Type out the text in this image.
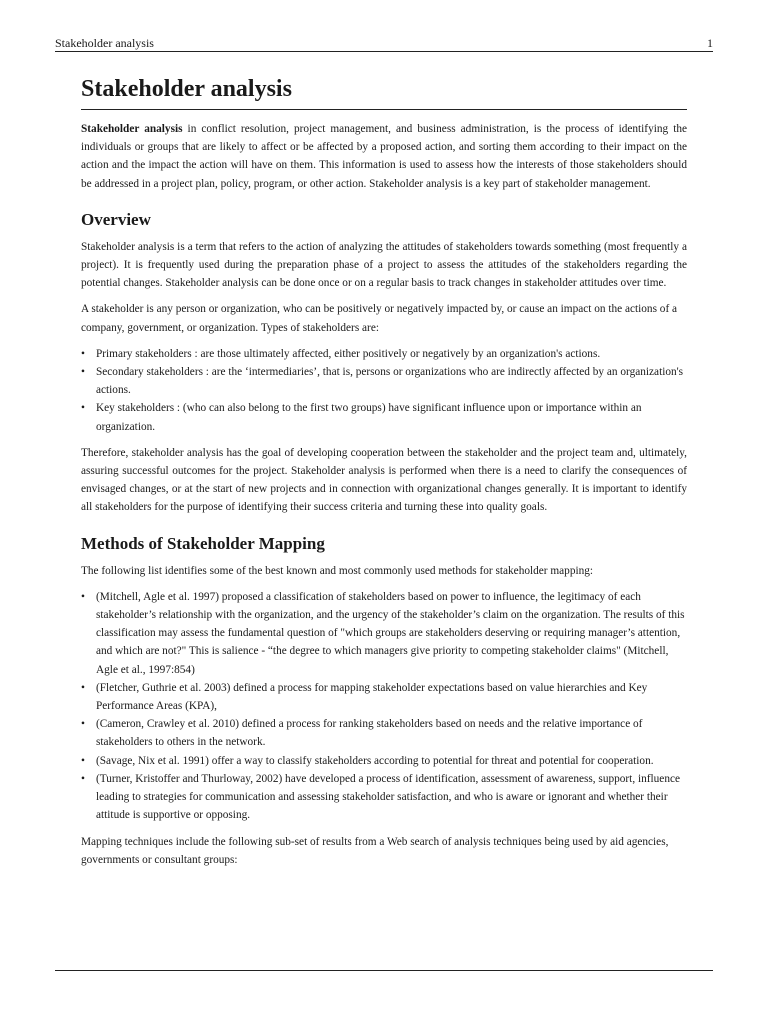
Stakeholder analysis	1
Stakeholder analysis

Stakeholder analysis in conflict resolution, project management, and business administration, is the process of identifying the individuals or groups that are likely to affect or be affected by a proposed action, and sorting them according to their impact on the action and the impact the action will have on them. This information is used to assess how the interests of those stakeholders should be addressed in a project plan, policy, program, or other action. Stakeholder analysis is a key part of stakeholder management.

Overview

Stakeholder analysis is a term that refers to the action of analyzing the attitudes of stakeholders towards something (most frequently a project). It is frequently used during the preparation phase of a project to assess the attitudes of the stakeholders regarding the potential changes. Stakeholder analysis can be done once or on a regular basis to track changes in stakeholder attitudes over time.

A stakeholder is any person or organization, who can be positively or negatively impacted by, or cause an impact on the actions of a company, government, or organization. Types of stakeholders are:

• Primary stakeholders : are those ultimately affected, either positively or negatively by an organization's actions.
• Secondary stakeholders : are the ‘intermediaries’, that is, persons or organizations who are indirectly affected by an organization's actions.
• Key stakeholders : (who can also belong to the first two groups) have significant influence upon or importance within an organization.

Therefore, stakeholder analysis has the goal of developing cooperation between the stakeholder and the project team and, ultimately, assuring successful outcomes for the project. Stakeholder analysis is performed when there is a need to clarify the consequences of envisaged changes, or at the start of new projects and in connection with organizational changes generally. It is important to identify all stakeholders for the purpose of identifying their success criteria and turning these into quality goals.

Methods of Stakeholder Mapping

The following list identifies some of the best known and most commonly used methods for stakeholder mapping:

• (Mitchell, Agle et al. 1997) proposed a classification of stakeholders based on power to influence, the legitimacy of each stakeholder’s relationship with the organization, and the urgency of the stakeholder’s claim on the organization. The results of this classification may assess the fundamental question of "which groups are stakeholders deserving or requiring manager’s attention, and which are not?" This is salience - “the degree to which managers give priority to competing stakeholder claims" (Mitchell, Agle et al., 1997:854)
• (Fletcher, Guthrie et al. 2003) defined a process for mapping stakeholder expectations based on value hierarchies and Key Performance Areas (KPA),
• (Cameron, Crawley et al. 2010) defined a process for ranking stakeholders based on needs and the relative importance of stakeholders to others in the network.
• (Savage, Nix et al. 1991) offer a way to classify stakeholders according to potential for threat and potential for cooperation.
• (Turner, Kristoffer and Thurloway, 2002) have developed a process of identification, assessment of awareness, support, influence leading to strategies for communication and assessing stakeholder satisfaction, and who is aware or ignorant and whether their attitude is supportive or opposing.

Mapping techniques include the following sub-set of results from a Web search of analysis techniques being used by aid agencies, governments or consultant groups:
